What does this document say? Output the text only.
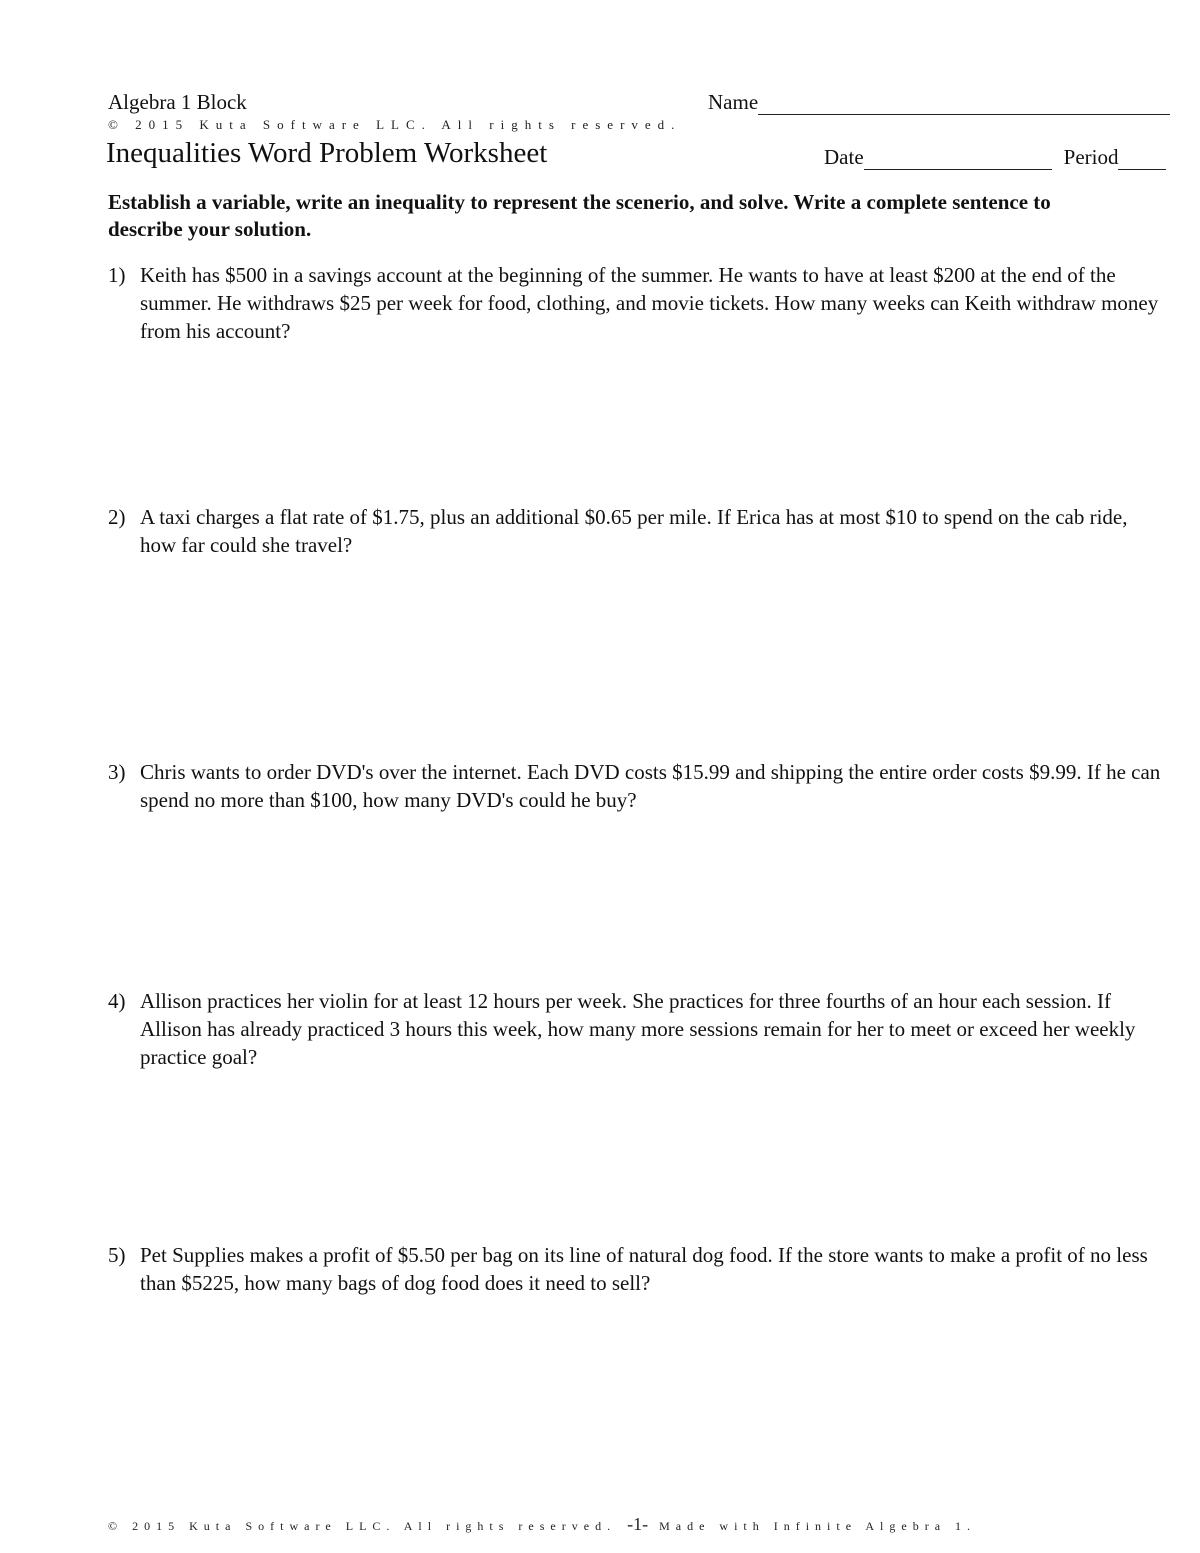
Algebra 1 Block	Name
© 2015 Kuta Software LLC. All rights reserved.
Inequalities Word Problem Worksheet	Date	Period
Establish a variable, write an inequality to represent the scenerio, and solve. Write a complete sentence to describe your solution.
1) Keith has $500 in a savings account at the beginning of the summer. He wants to have at least $200 at the end of the summer. He withdraws $25 per week for food, clothing, and movie tickets. How many weeks can Keith withdraw money from his account?
2) A taxi charges a flat rate of $1.75, plus an additional $0.65 per mile. If Erica has at most $10 to spend on the cab ride, how far could she travel?
3) Chris wants to order DVD's over the internet. Each DVD costs $15.99 and shipping the entire order costs $9.99. If he can spend no more than $100, how many DVD's could he buy?
4) Allison practices her violin for at least 12 hours per week. She practices for three fourths of an hour each session. If Allison has already practiced 3 hours this week, how many more sessions remain for her to meet or exceed her weekly practice goal?
5) Pet Supplies makes a profit of $5.50 per bag on its line of natural dog food. If the store wants to make a profit of no less than $5225, how many bags of dog food does it need to sell?
© 2015 Kuta Software LLC. All rights reserved. -1- Made with Infinite Algebra 1.
